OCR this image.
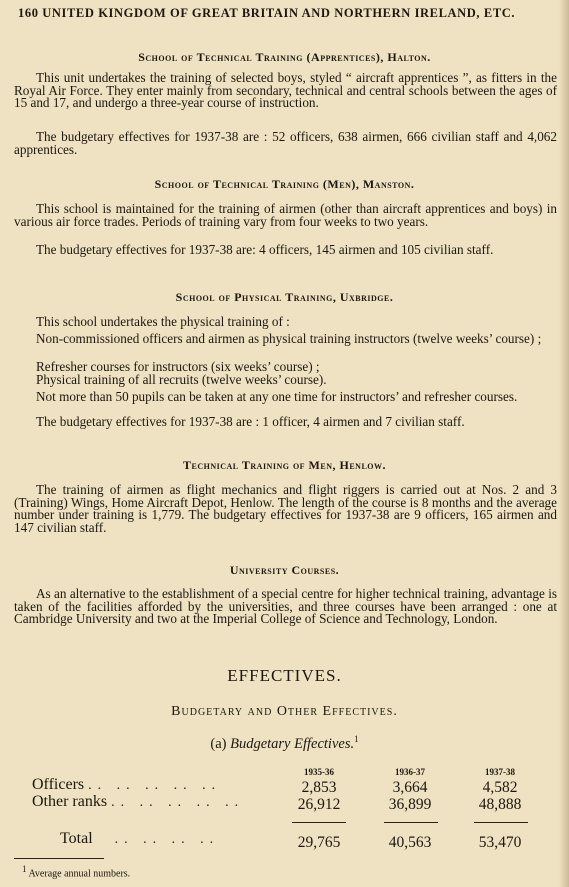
160 UNITED KINGDOM OF GREAT BRITAIN AND NORTHERN IRELAND, ETC.
School of Technical Training (Apprentices), Halton.

This unit undertakes the training of selected boys, styled “ aircraft apprentices ”, as fitters in the Royal Air Force. They enter mainly from secondary, technical and central schools between the ages of 15 and 17, and undergo a three-year course of instruction.

The budgetary effectives for 1937-38 are : 52 officers, 638 airmen, 666 civilian staff and 4,062 apprentices.

School of Technical Training (Men), Manston.

This school is maintained for the training of airmen (other than aircraft apprentices and boys) in various air force trades. Periods of training vary from four weeks to two years.

The budgetary effectives for 1937-38 are: 4 officers, 145 airmen and 105 civilian staff.

School of Physical Training, Uxbridge.

This school undertakes the physical training of :

Non-commissioned officers and airmen as physical training instructors (twelve weeks’ course) ;

Refresher courses for instructors (six weeks’ course) ;

Physical training of all recruits (twelve weeks’ course).

Not more than 50 pupils can be taken at any one time for instructors’ and refresher courses.

The budgetary effectives for 1937-38 are : 1 officer, 4 airmen and 7 civilian staff.

Technical Training of Men, Henlow.

The training of airmen as flight mechanics and flight riggers is carried out at Nos. 2 and 3 (Training) Wings, Home Aircraft Depot, Henlow. The length of the course is 8 months and the average number under training is 1,779. The budgetary effectives for 1937-38 are 9 officers, 165 airmen and 147 civilian staff.

University Courses.

As an alternative to the establishment of a special centre for higher technical training, advantage is taken of the facilities afforded by the universities, and three courses have been arranged : one at Cambridge University and two at the Imperial College of Science and Technology, London.

EFFECTIVES.
Budgetary and Other Effectives.
(a) Budgetary Effectives.$^1$
1935-36	1936-37	1937-38
Officers .. .. .. .. ..	2,853	3,664	4,582
Other ranks .. .. .. .. ..	26,912	36,899	48,888
Total .. .. .. ..	29,765	40,563	53,470
1 Average annual numbers.
